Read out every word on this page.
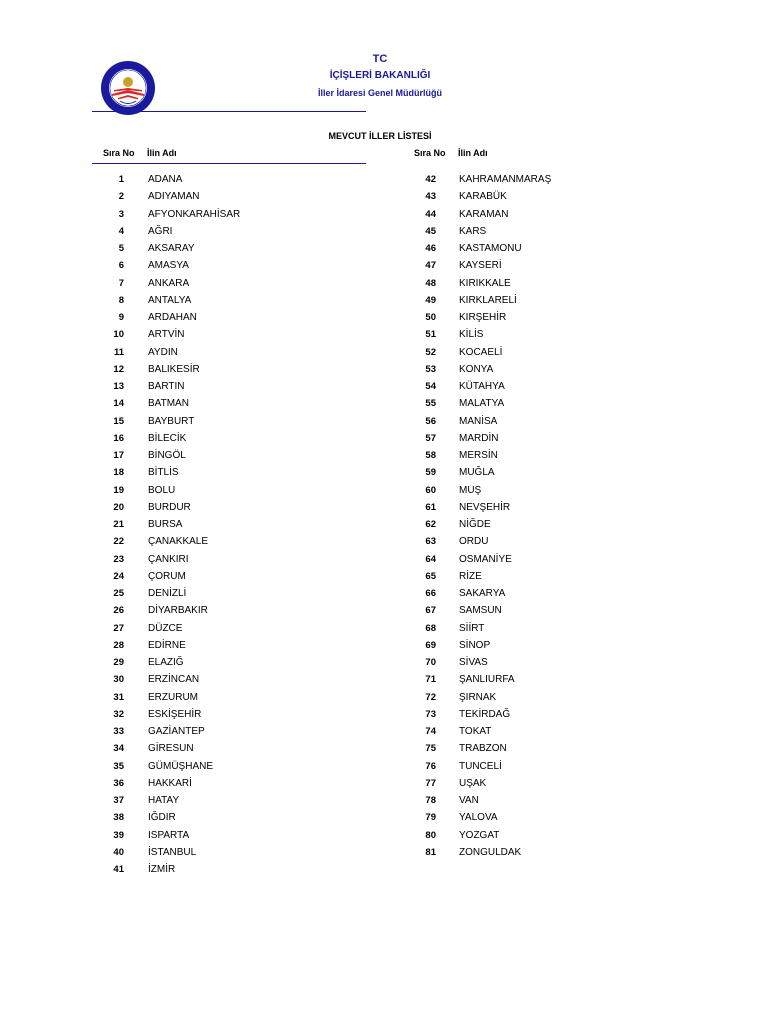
TC
İÇİŞLERİ BAKANLIĞI
İller İdaresi Genel Müdürlüğü
MEVCUT İLLER LİSTESİ
Sıra No İlin Adı	Sıra No İlin Adı
1 ADANA
2 ADIYAMAN
3 AFYONKARAHİSAR
4 AĞRI
5 AKSARAY
6 AMASYA
7 ANKARA
8 ANTALYA
9 ARDAHAN
10 ARTVİN
11 AYDIN
12 BALIKESİR
13 BARTIN
14 BATMAN
15 BAYBURT
16 BİLECİK
17 BİNGÖL
18 BİTLİS
19 BOLU
20 BURDUR
21 BURSA
22 ÇANAKKALE
23 ÇANKIRI
24 ÇORUM
25 DENİZLİ
26 DİYARBAKIR
27 DÜZCE
28 EDİRNE
29 ELAZIĞ
30 ERZİNCAN
31 ERZURUM
32 ESKİŞEHİR
33 GAZİANTEP
34 GİRESUN
35 GÜMÜŞHANE
36 HAKKARİ
37 HATAY
38 IĞDIR
39 ISPARTA
40 İSTANBUL
41 İZMİR
42 KAHRAMANMARAŞ
43 KARABÜK
44 KARAMAN
45 KARS
46 KASTAMONU
47 KAYSERİ
48 KIRIKKALE
49 KIRKLARELİ
50 KIRŞEHİR
51 KİLİS
52 KOCAELİ
53 KONYA
54 KÜTAHYA
55 MALATYA
56 MANİSA
57 MARDİN
58 MERSİN
59 MUĞLA
60 MUŞ
61 NEVŞEHİR
62 NİĞDE
63 ORDU
64 OSMANİYE
65 RİZE
66 SAKARYA
67 SAMSUN
68 SİİRT
69 SİNOP
70 SİVAS
71 ŞANLIURFA
72 ŞIRNAK
73 TEKİRDAĞ
74 TOKAT
75 TRABZON
76 TUNCELİ
77 UŞAK
78 VAN
79 YALOVA
80 YOZGAT
81 ZONGULDAK
